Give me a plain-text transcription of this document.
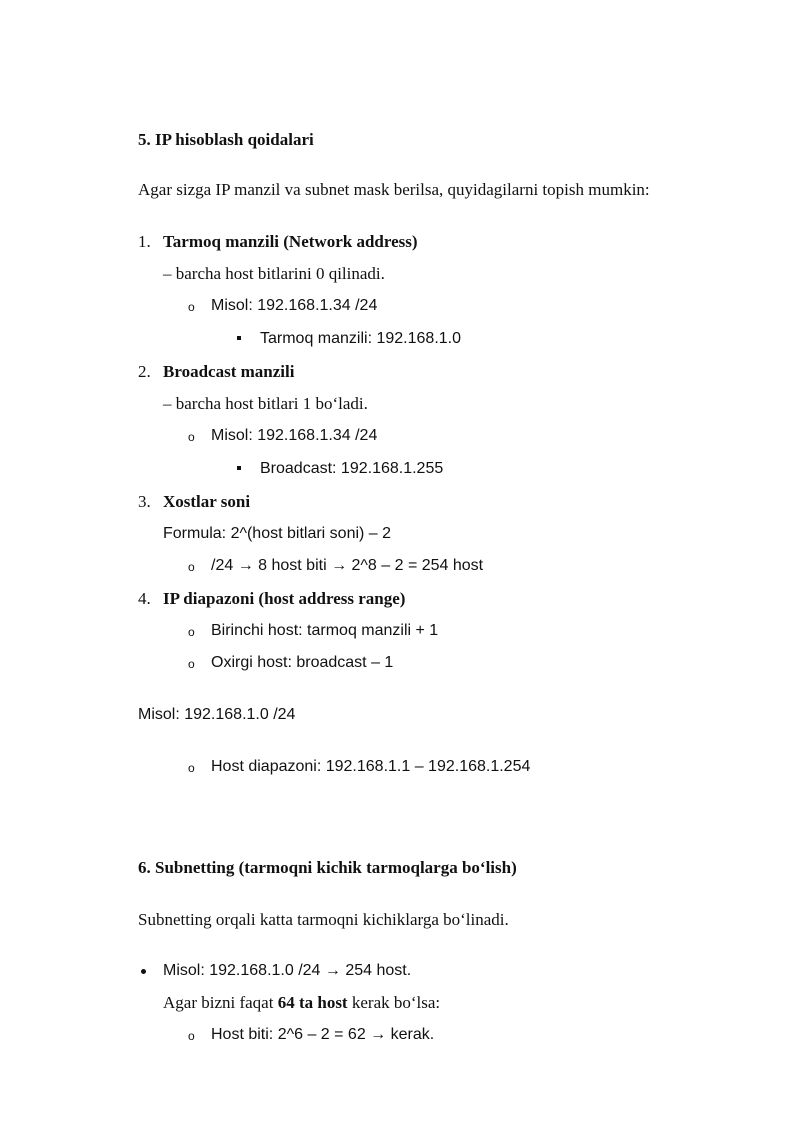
5. IP hisoblash qoidalari
Agar sizga IP manzil va subnet mask berilsa, quyidagilarni topish mumkin:
1. Tarmoq manzili (Network address)
– barcha host bitlarini 0 qilinadi.
o Misol: 192.168.1.34 /24
Tarmoq manzili: 192.168.1.0
2. Broadcast manzili
– barcha host bitlari 1 bo‘ladi.
o Misol: 192.168.1.34 /24
Broadcast: 192.168.1.255
3. Xostlar soni
Formula: 2^(host bitlari soni) – 2
o /24 → 8 host biti → 2^8 – 2 = 254 host
4. IP diapazoni (host address range)
o Birinchi host: tarmoq manzili + 1
o Oxirgi host: broadcast – 1
Misol: 192.168.1.0 /24
o Host diapazoni: 192.168.1.1 – 192.168.1.254
6. Subnetting (tarmoqni kichik tarmoqlarga bo‘lish)
Subnetting orqali katta tarmoqni kichiklarga bo‘linadi.
Misol: 192.168.1.0 /24 → 254 host.
Agar bizni faqat 64 ta host kerak bo‘lsa:
o Host biti: 2^6 – 2 = 62 → kerak.
